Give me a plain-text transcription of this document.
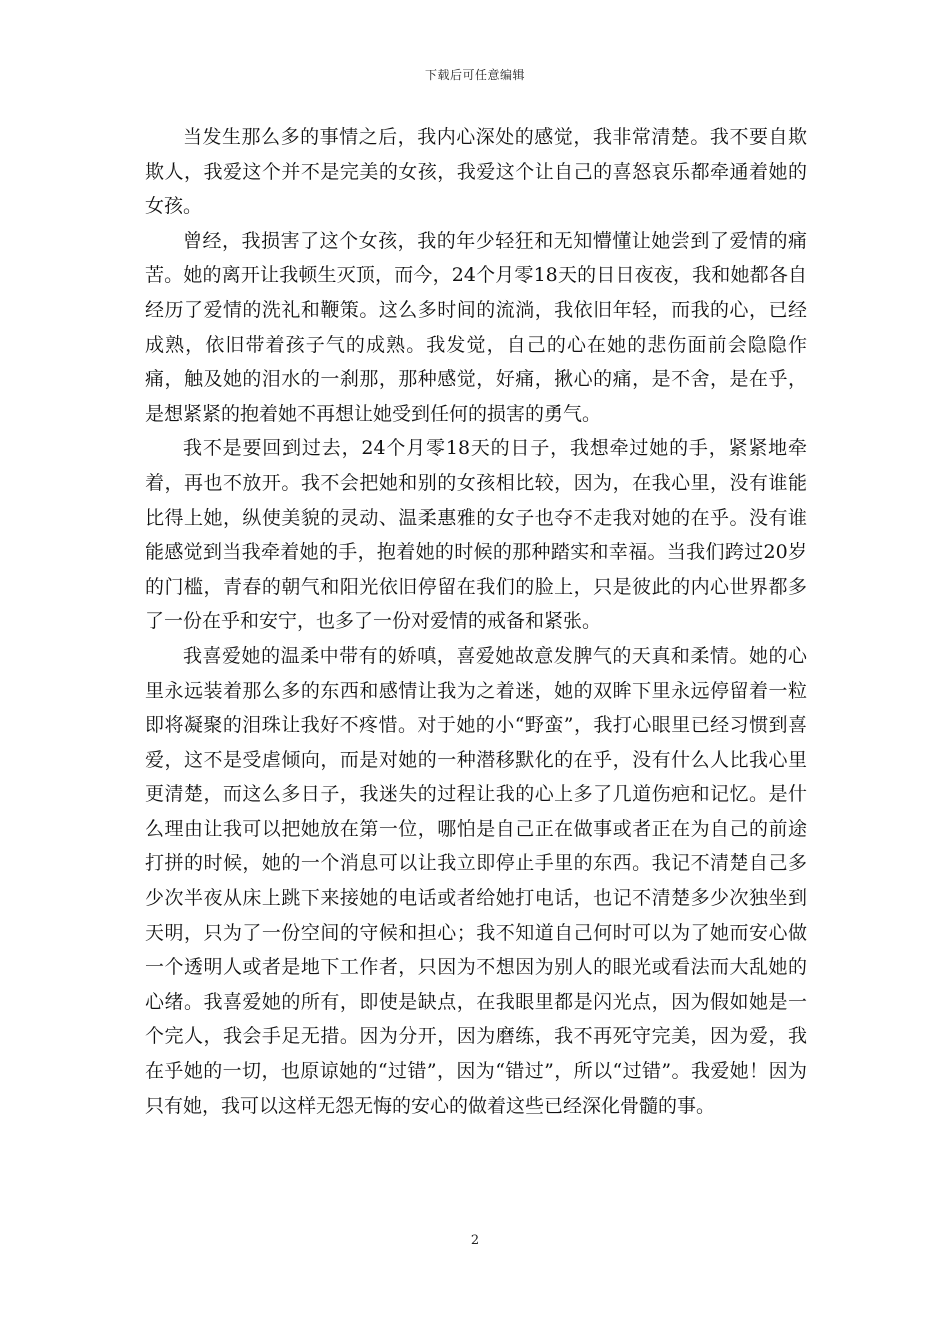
下载后可任意编辑

当发生那么多的事情之后，我内心深处的感觉，我非常清楚。我不要自欺欺人，我爱这个并不是完美的女孩，我爱这个让自己的喜怒哀乐都牵通着她的女孩。

曾经，我损害了这个女孩，我的年少轻狂和无知懵懂让她尝到了爱情的痛苦。她的离开让我顿生灭顶，而今，24个月零18天的日日夜夜，我和她都各自经历了爱情的洗礼和鞭策。这么多时间的流淌，我依旧年轻，而我的心，已经成熟，依旧带着孩子气的成熟。我发觉，自己的心在她的悲伤面前会隐隐作痛，触及她的泪水的一刹那，那种感觉，好痛，揪心的痛，是不舍，是在乎，是想紧紧的抱着她不再想让她受到任何的损害的勇气。

我不是要回到过去，24个月零18天的日子，我想牵过她的手，紧紧地牵着，再也不放开。我不会把她和别的女孩相比较，因为，在我心里，没有谁能比得上她，纵使美貌的灵动、温柔惠雅的女子也夺不走我对她的在乎。没有谁能感觉到当我牵着她的手，抱着她的时候的那种踏实和幸福。当我们跨过20岁的门槛，青春的朝气和阳光依旧停留在我们的脸上，只是彼此的内心世界都多了一份在乎和安宁，也多了一份对爱情的戒备和紧张。

我喜爱她的温柔中带有的娇嗔，喜爱她故意发脾气的天真和柔情。她的心里永远装着那么多的东西和感情让我为之着迷，她的双眸下里永远停留着一粒即将凝聚的泪珠让我好不疼惜。对于她的小“野蛮”，我打心眼里已经习惯到喜爱，这不是受虐倾向，而是对她的一种潜移默化的在乎，没有什么人比我心里更清楚，而这么多日子，我迷失的过程让我的心上多了几道伤疤和记忆。是什么理由让我可以把她放在第一位，哪怕是自己正在做事或者正在为自己的前途打拼的时候，她的一个消息可以让我立即停止手里的东西。我记不清楚自己多少次半夜从床上跳下来接她的电话或者给她打电话，也记不清楚多少次独坐到天明，只为了一份空间的守候和担心；我不知道自己何时可以为了她而安心做一个透明人或者是地下工作者，只因为不想因为别人的眼光或看法而大乱她的心绪。我喜爱她的所有，即使是缺点，在我眼里都是闪光点，因为假如她是一个完人，我会手足无措。因为分开，因为磨练，我不再死守完美，因为爱，我在乎她的一切，也原谅她的“过错”，因为“错过”，所以“过错”。我爱她！因为只有她，我可以这样无怨无悔的安心的做着这些已经深化骨髓的事。

2
